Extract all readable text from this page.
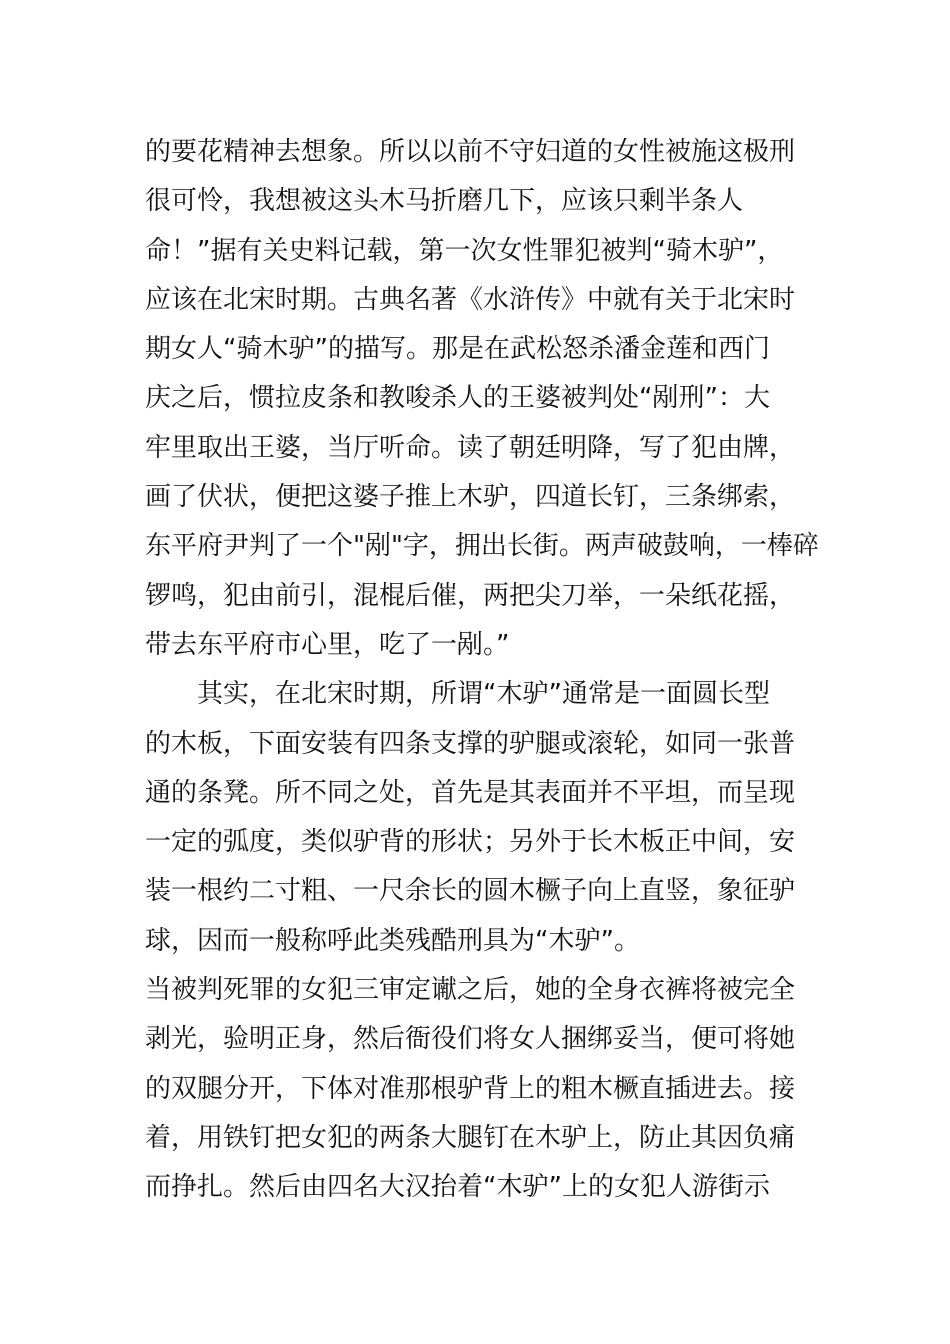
的要花精神去想象。所以以前不守妇道的女性被施这极刑
很可怜，我想被这头木马折磨几下，应该只剩半条人
命！”据有关史料记载，第一次女性罪犯被判“骑木驴”，
应该在北宋时期。古典名著《水浒传》中就有关于北宋时
期女人“骑木驴”的描写。那是在武松怒杀潘金莲和西门
庆之后，惯拉皮条和教唆杀人的王婆被判处“剐刑”：大
牢里取出王婆，当厅听命。读了朝廷明降，写了犯由牌，
画了伏状，便把这婆子推上木驴，四道长钉，三条绑索，
东平府尹判了一个"剐"字，拥出长街。两声破鼓响，一棒碎
锣鸣，犯由前引，混棍后催，两把尖刀举，一朵纸花摇，
带去东平府市心里，吃了一剐。”
其实，在北宋时期，所谓“木驴”通常是一面圆长型
的木板，下面安装有四条支撑的驴腿或滚轮，如同一张普
通的条凳。所不同之处，首先是其表面并不平坦，而呈现
一定的弧度，类似驴背的形状；另外于长木板正中间，安
装一根约二寸粗、一尺余长的圆木橛子向上直竖，象征驴
球，因而一般称呼此类残酷刑具为“木驴”。
当被判死罪的女犯三审定谳之后，她的全身衣裤将被完全
剥光，验明正身，然后衙役们将女人捆绑妥当，便可将她
的双腿分开，下体对准那根驴背上的粗木橛直插进去。接
着，用铁钉把女犯的两条大腿钉在木驴上，防止其因负痛
而挣扎。然后由四名大汉抬着“木驴”上的女犯人游街示
